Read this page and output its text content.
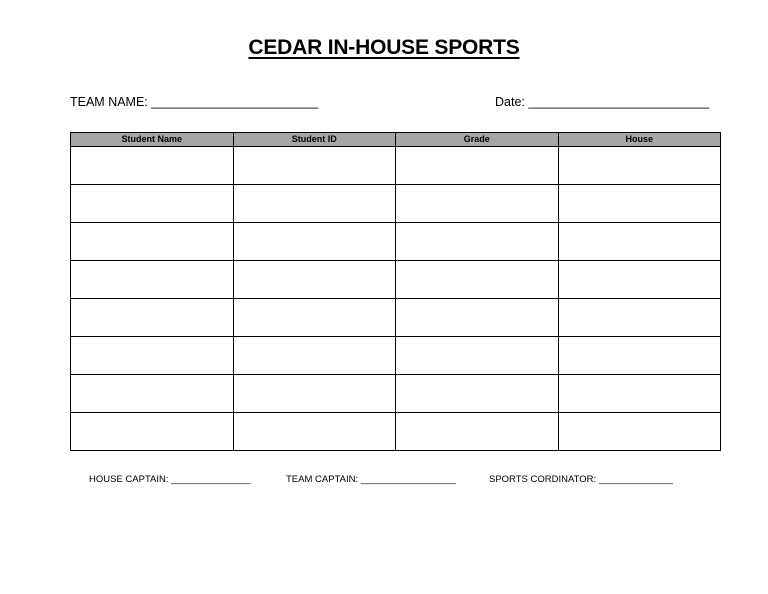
CEDAR IN-HOUSE SPORTS
TEAM NAME: ________________________	Date: __________________________
Student Name	Student ID	Grade	House

HOUSE CAPTAIN: _______________	TEAM CAPTAIN: __________________	SPORTS CORDINATOR: ______________
